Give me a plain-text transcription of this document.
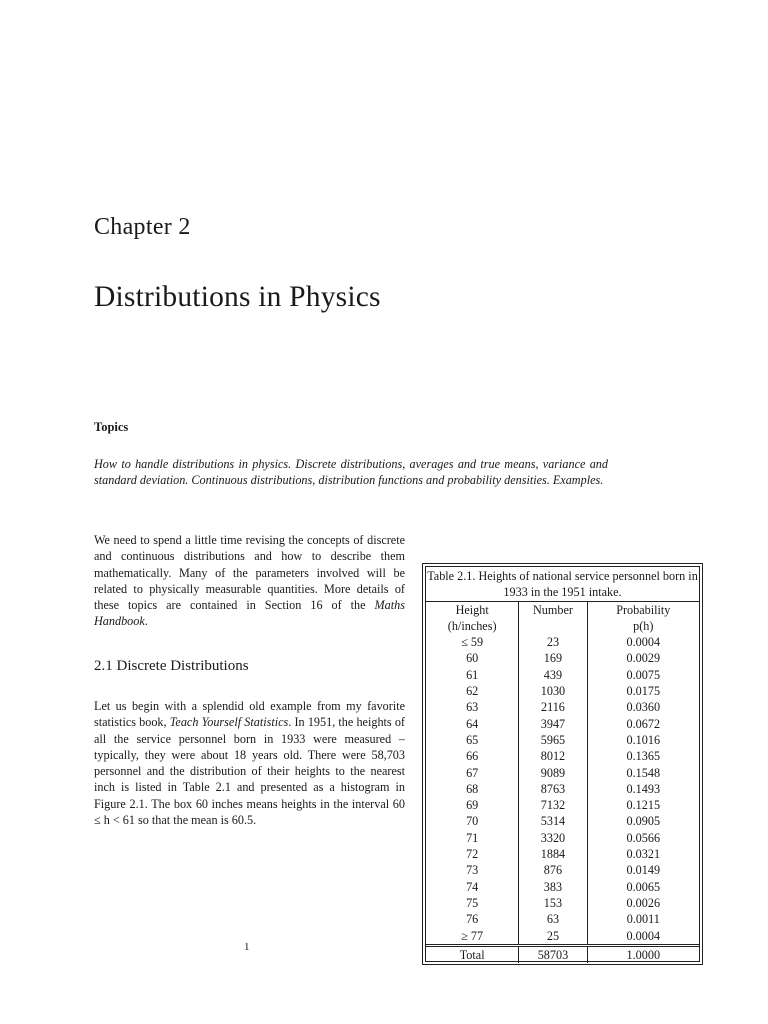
Chapter 2
Distributions in Physics
Topics
How to handle distributions in physics. Discrete distributions, averages and true means, variance and standard deviation. Continuous distributions, distribution functions and probability densities. Examples.
We need to spend a little time revising the concepts of discrete and continuous distributions and how to describe them mathematically. Many of the parameters involved will be related to physically measurable quantities. More details of these topics are contained in Section 16 of the Maths Handbook.
2.1 Discrete Distributions
Let us begin with a splendid old example from my favorite statistics book, Teach Yourself Statistics. In 1951, the heights of all the service personnel born in 1933 were measured – typically, they were about 18 years old. There were 58,703 personnel and the distribution of their heights to the nearest inch is listed in Table 2.1 and presented as a histogram in Figure 2.1. The box 60 inches means heights in the interval 60 ≤ h < 61 so that the mean is 60.5.
Table 2.1. Heights of national service personnel born in 1933 in the 1951 intake.		
Height	Number	Probability
(h/inches)		p(h)
≤ 59	23	0.0004
60	169	0.0029
61	439	0.0075
62	1030	0.0175
63	2116	0.0360
64	3947	0.0672
65	5965	0.1016
66	8012	0.1365
67	9089	0.1548
68	8763	0.1493
69	7132	0.1215
70	5314	0.0905
71	3320	0.0566
72	1884	0.0321
73	876	0.0149
74	383	0.0065
75	153	0.0026
76	63	0.0011
≥ 77	25	0.0004
Total	58703	1.0000
1
